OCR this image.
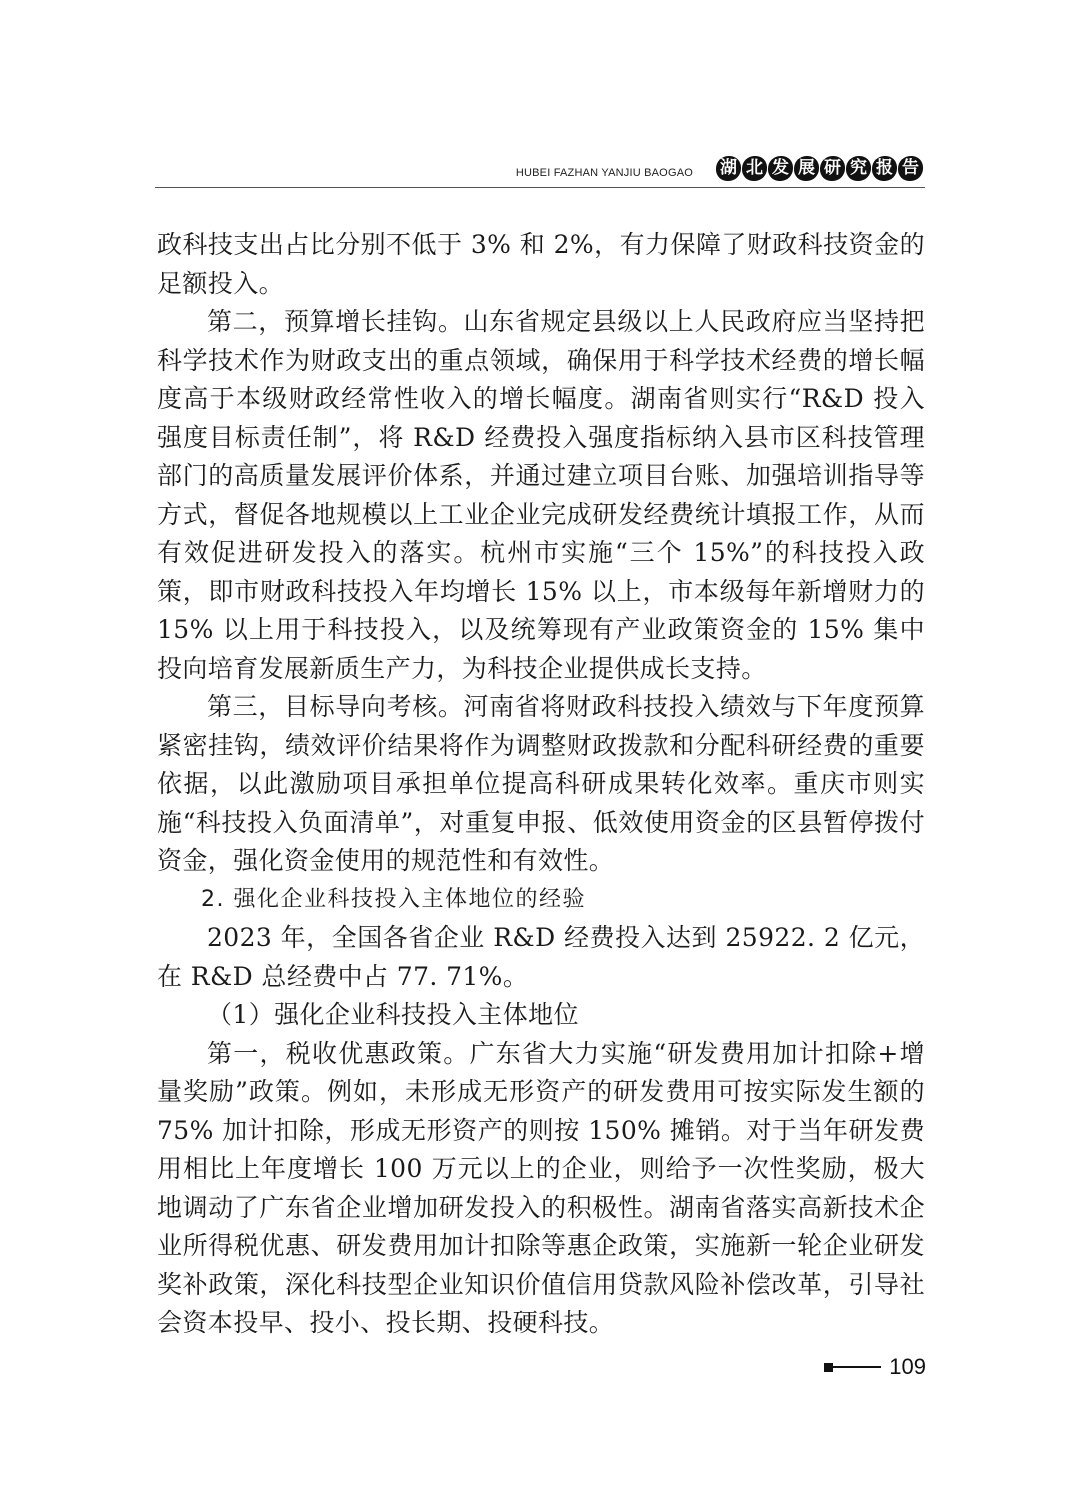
HUBEI FAZHAN YANJIU BAOGAO 湖 北 发 展 研 究 报 告

政科技支出占比分别不低于 3% 和 2%，有力保障了财政科技资金的足额投入。

第二，预算增长挂钩。山东省规定县级以上人民政府应当坚持把科学技术作为财政支出的重点领域，确保用于科学技术经费的增长幅度高于本级财政经常性收入的增长幅度。湖南省则实行“R&D 投入强度目标责任制”，将 R&D 经费投入强度指标纳入县市区科技管理部门的高质量发展评价体系，并通过建立项目台账、加强培训指导等方式，督促各地规模以上工业企业完成研发经费统计填报工作，从而有效促进研发投入的落实。杭州市实施“三个 15%”的科技投入政策，即市财政科技投入年均增长 15% 以上，市本级每年新增财力的 15% 以上用于科技投入，以及统筹现有产业政策资金的 15% 集中投向培育发展新质生产力，为科技企业提供成长支持。

第三，目标导向考核。河南省将财政科技投入绩效与下年度预算紧密挂钩，绩效评价结果将作为调整财政拨款和分配科研经费的重要依据，以此激励项目承担单位提高科研成果转化效率。重庆市则实施“科技投入负面清单”，对重复申报、低效使用资金的区县暂停拨付资金，强化资金使用的规范性和有效性。

2. 强化企业科技投入主体地位的经验

2023 年，全国各省企业 R&D 经费投入达到 25922. 2 亿元，在 R&D 总经费中占 77. 71%。

（1）强化企业科技投入主体地位

第一，税收优惠政策。广东省大力实施“研发费用加计扣除+增量奖励”政策。例如，未形成无形资产的研发费用可按实际发生额的 75% 加计扣除，形成无形资产的则按 150% 摊销。对于当年研发费用相比上年度增长 100 万元以上的企业，则给予一次性奖励，极大地调动了广东省企业增加研发投入的积极性。湖南省落实高新技术企业所得税优惠、研发费用加计扣除等惠企政策，实施新一轮企业研发奖补政策，深化科技型企业知识价值信用贷款风险补偿改革，引导社会资本投早、投小、投长期、投硬科技。

109
